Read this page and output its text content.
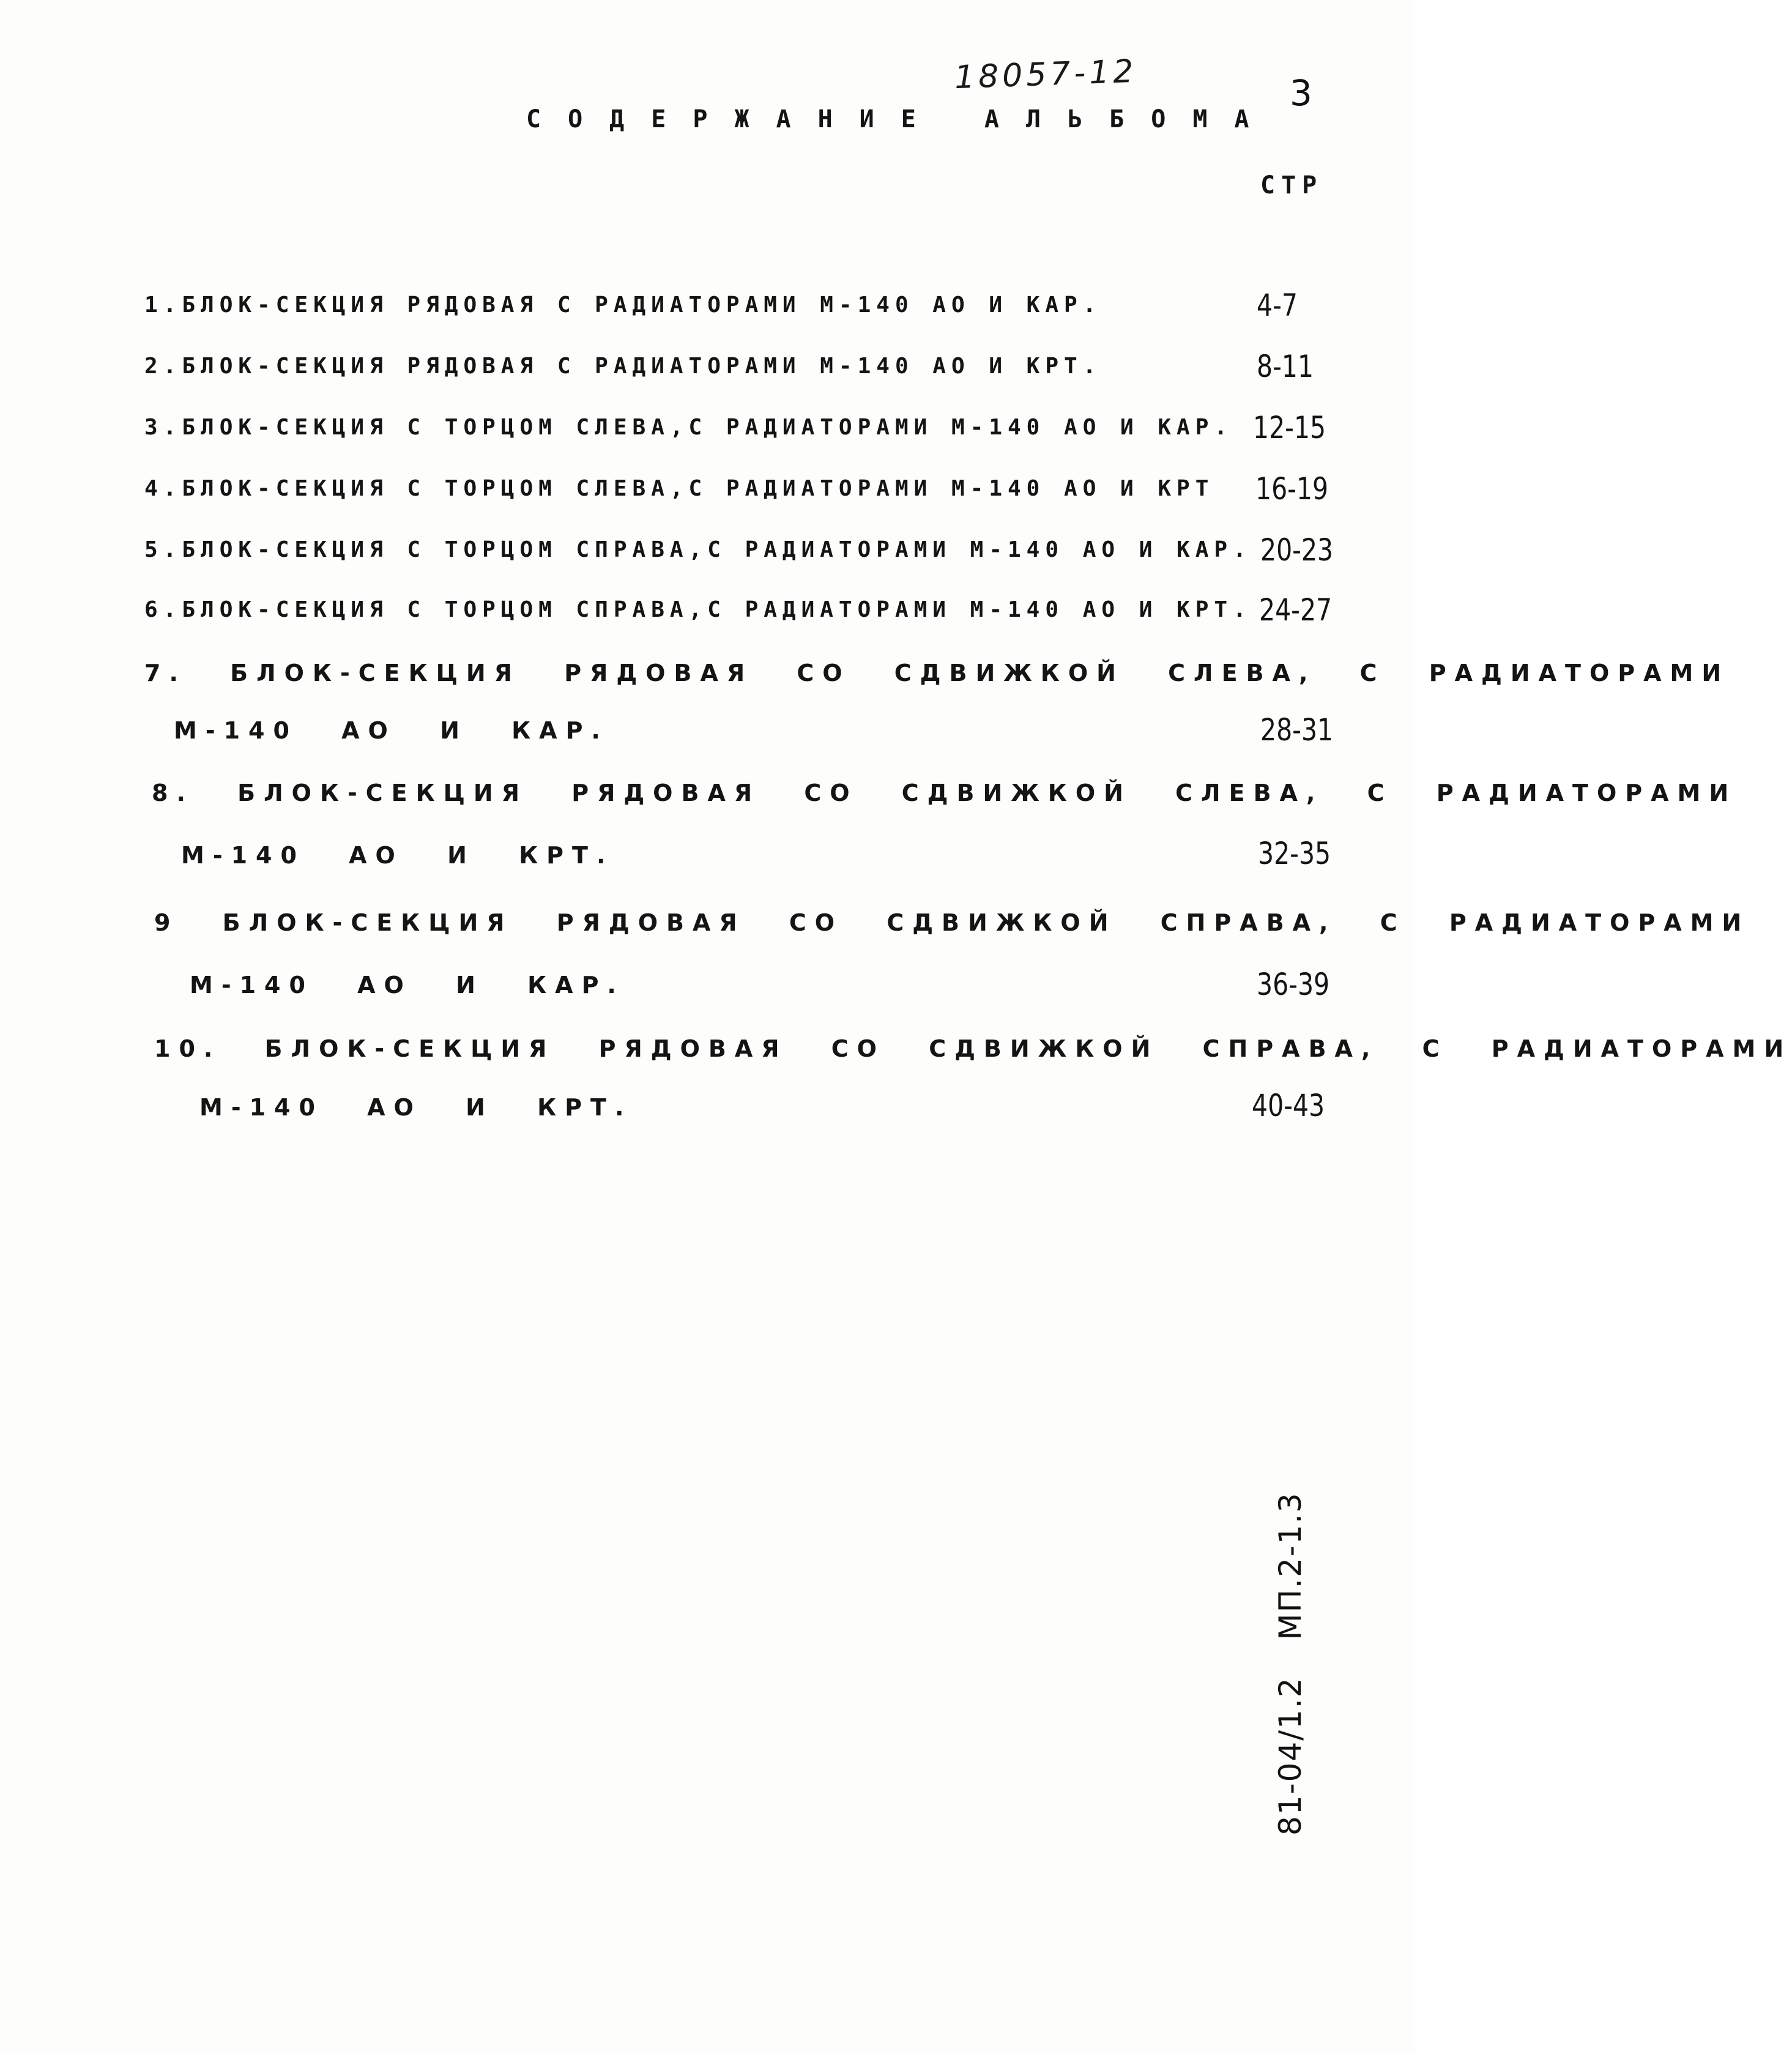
18057-12	3
СОДЕРЖАНИЕ АЛЬБОМА
СТР
1.БЛОК-СЕКЦИЯ РЯДОВАЯ С РАДИАТОРАМИ М-140 АО И КАР.	4-7
2.БЛОК-СЕКЦИЯ РЯДОВАЯ С РАДИАТОРАМИ М-140 АО И КРТ.	8-11
3.БЛОК-СЕКЦИЯ С ТОРЦОМ СЛЕВА,С РАДИАТОРАМИ М-140 АО И КАР. 12-15
4.БЛОК-СЕКЦИЯ С ТОРЦОМ СЛЕВА,С РАДИАТОРАМИ М-140 АО И КРТ 16-19
5.БЛОК-СЕКЦИЯ С ТОРЦОМ СПРАВА,С РАДИАТОРАМИ М-140 АО И КАР. 20-23
6.БЛОК-СЕКЦИЯ С ТОРЦОМ СПРАВА,С РАДИАТОРАМИ М-140 АО И КРТ. 24-27
7. БЛОК-СЕКЦИЯ РЯДОВАЯ СО СДВИЖКОЙ СЛЕВА, С РАДИАТОРАМИ
М-140 АО И КАР.	28-31
8. БЛОК-СЕКЦИЯ РЯДОВАЯ СО СДВИЖКОЙ СЛЕВА, С РАДИАТОРАМИ
М-140 АО И КРТ.	32-35
9 БЛОК-СЕКЦИЯ РЯДОВАЯ СО СДВИЖКОЙ СПРАВА, С РАДИАТОРАМИ
М-140 АО И КАР.	36-39
10. БЛОК-СЕКЦИЯ РЯДОВАЯ СО СДВИЖКОЙ СПРАВА, С РАДИАТОРАМИ
М-140 АО И КРТ.	40-43
81-04/1.2МП.2-1.3
